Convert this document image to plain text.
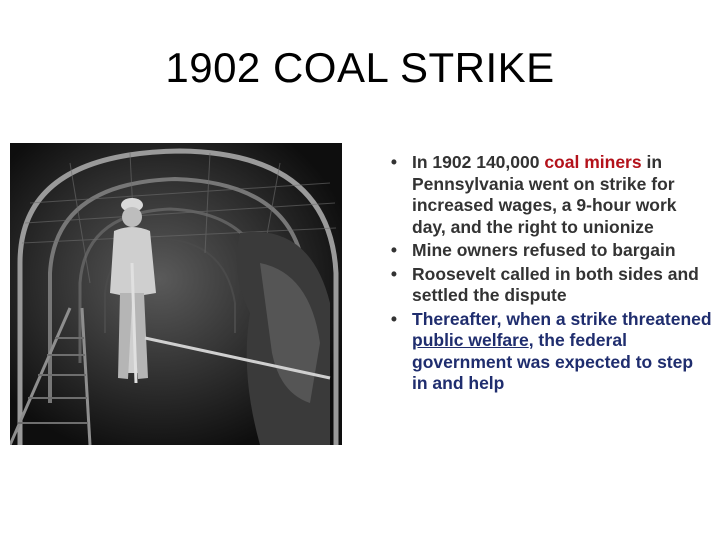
1902 COAL STRIKE
• In 1902 140,000 coal miners in Pennsylvania went on strike for increased wages, a 9-hour work day, and the right to unionize
• Mine owners refused to bargain
• Roosevelt called in both sides and settled the dispute
• Thereafter, when a strike threatened public welfare, the federal government was expected to step in and help
